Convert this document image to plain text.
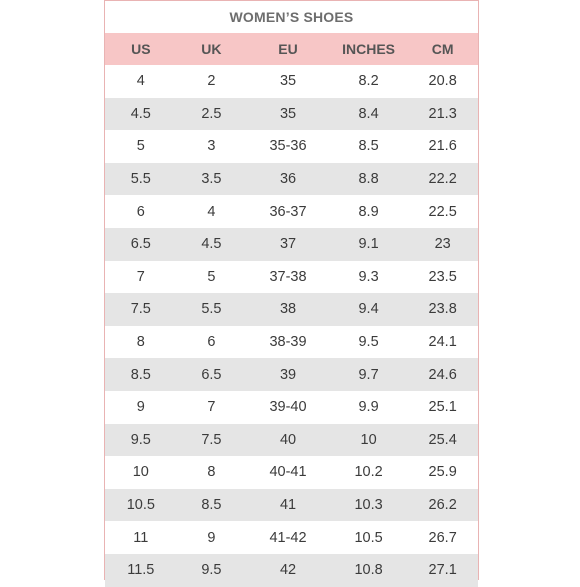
WOMEN’S SHOES
US	UK	EU	INCHES	CM
4	2	35	8.2	20.8
4.5	2.5	35	8.4	21.3
5	3	35-36	8.5	21.6
5.5	3.5	36	8.8	22.2
6	4	36-37	8.9	22.5
6.5	4.5	37	9.1	23
7	5	37-38	9.3	23.5
7.5	5.5	38	9.4	23.8
8	6	38-39	9.5	24.1
8.5	6.5	39	9.7	24.6
9	7	39-40	9.9	25.1
9.5	7.5	40	10	25.4
10	8	40-41	10.2	25.9
10.5	8.5	41	10.3	26.2
11	9	41-42	10.5	26.7
11.5	9.5	42	10.8	27.1
